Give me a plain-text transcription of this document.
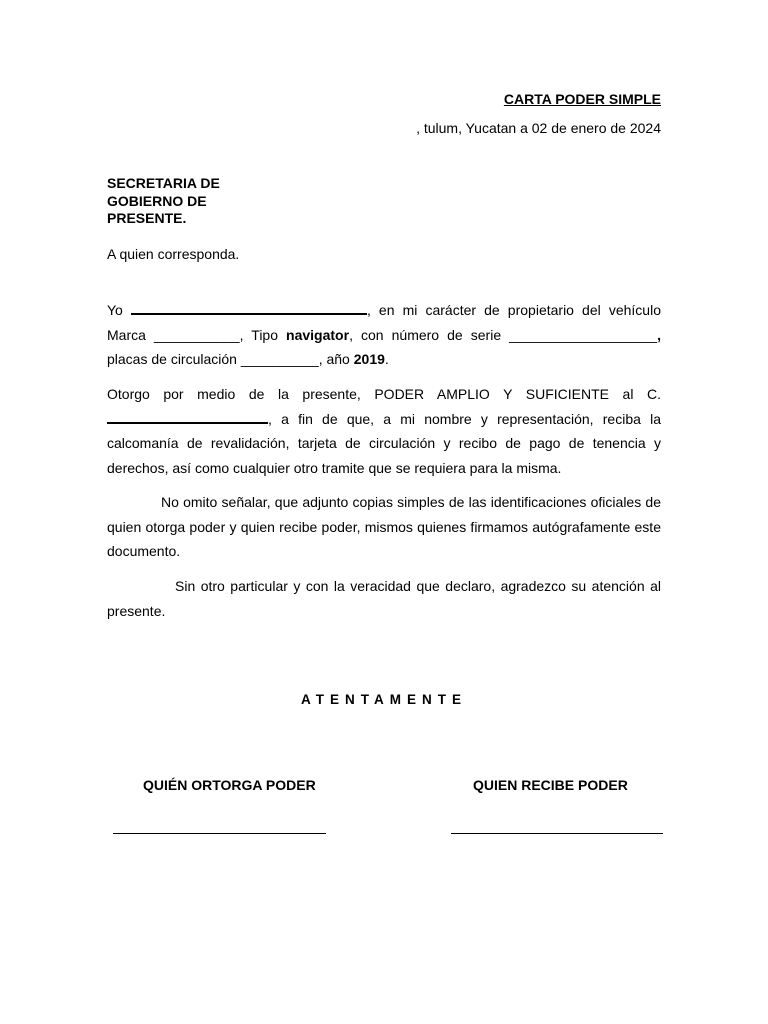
CARTA PODER SIMPLE
, tulum, Yucatan a 02 de enero de 2024
SECRETARIA DE
GOBIERNO DE
PRESENTE.
A quien corresponda.
Yo	, en mi carácter de propietario del vehículo Marca ___________, Tipo navigator, con número de serie ___________________, placas de circulación __________, año 2019.
Otorgo por medio de la presente, PODER AMPLIO Y SUFICIENTE al C. , a fin de que, a mi nombre y representación, reciba la calcomanía de revalidación, tarjeta de circulación y recibo de pago de tenencia y derechos, así como cualquier otro tramite que se requiera para la misma.
No omito señalar, que adjunto copias simples de las identificaciones oficiales de quien otorga poder y quien recibe poder, mismos quienes firmamos autógrafamente este documento.
Sin otro particular y con la veracidad que declaro, agradezco su atención al presente.
ATENTAMENTE
QUIÉN ORTORGA PODER	QUIEN RECIBE PODER
